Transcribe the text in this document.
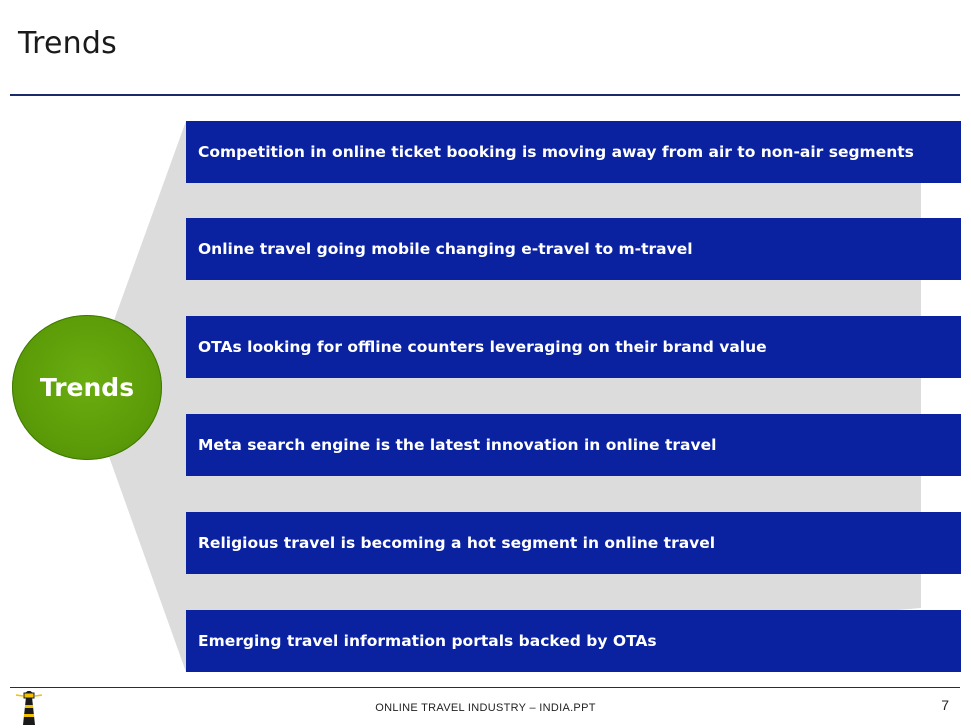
Trends
Trends
Competition in online ticket booking is moving away from air to non-air segments
Online travel going mobile changing e-travel to m-travel
OTAs looking for offline counters leveraging on their brand value
Meta search engine is the latest innovation in online travel
Religious travel is becoming a hot segment in online travel
Emerging travel information portals backed by OTAs
ONLINE TRAVEL INDUSTRY – INDIA.PPT	7
